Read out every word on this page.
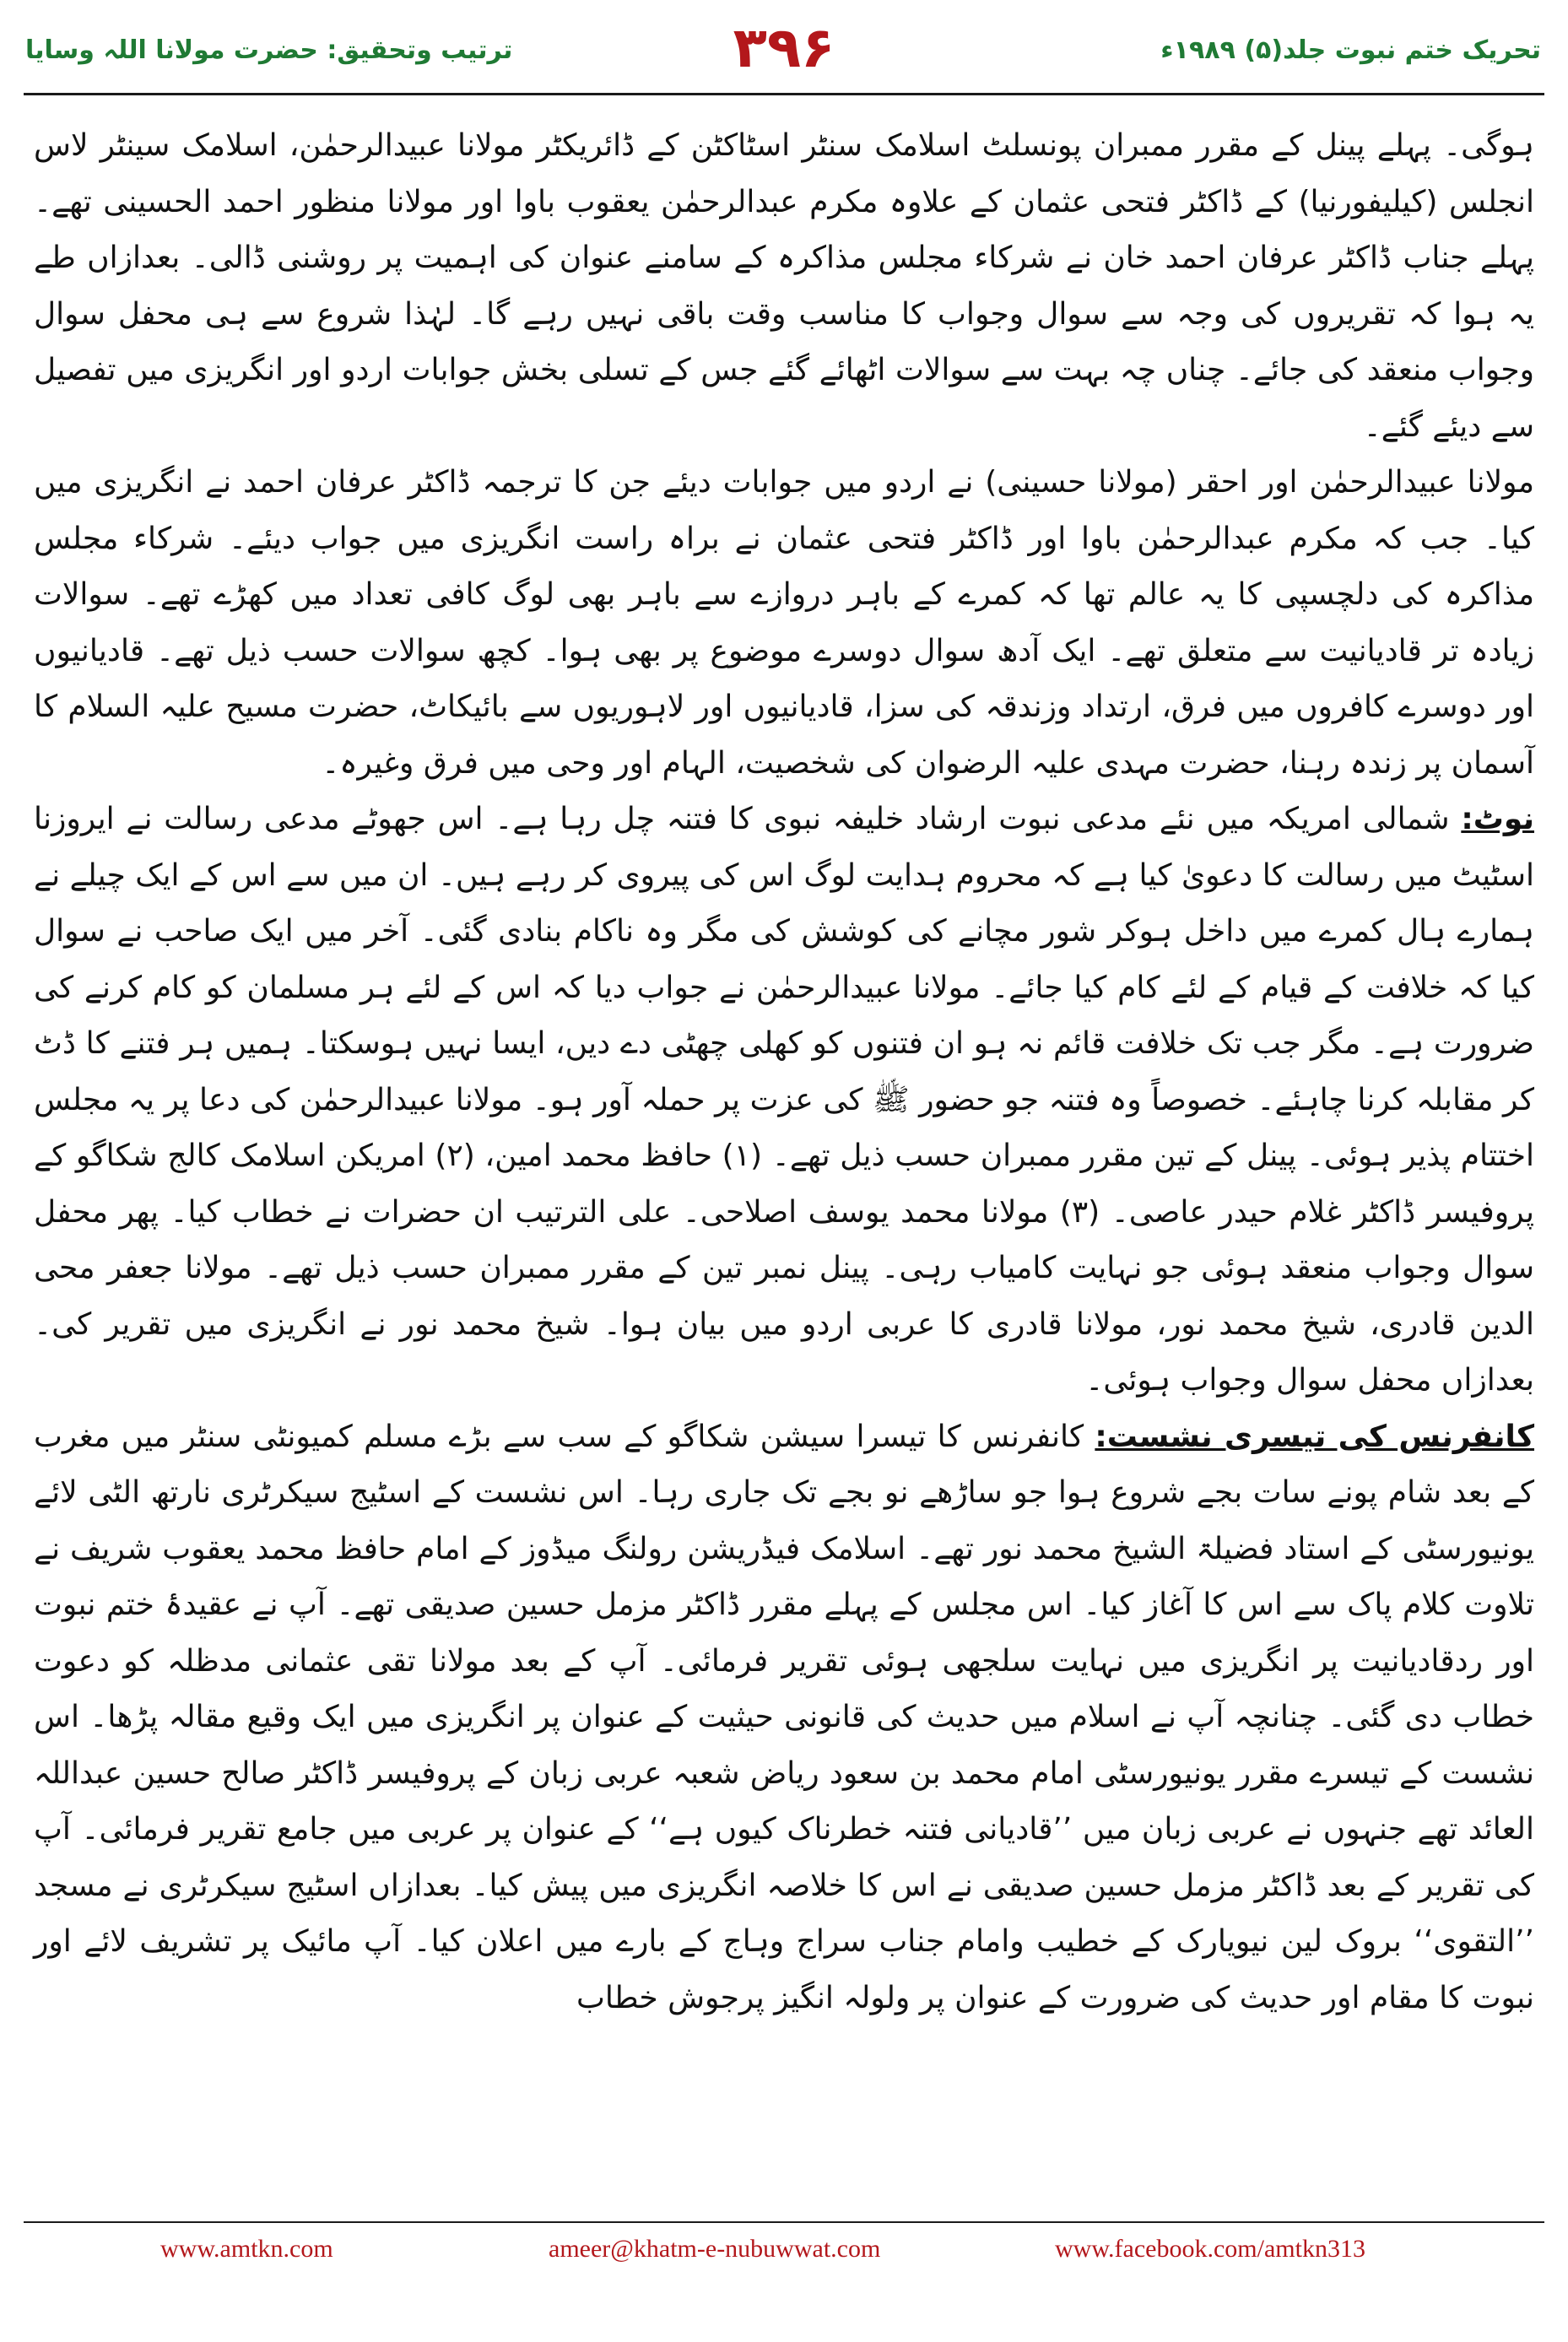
ترتیب وتحقیق: حضرت مولانا اللہ وسایا	۳۹۶	تحریک ختم نبوت جلد(۵) ۱۹۸۹ء

ہوگی۔ پہلے پینل کے مقرر ممبران پونسلٹ اسلامک سنٹر اسٹاکٹن کے ڈائریکٹر مولانا عبیدالرحمٰن، اسلامک سینٹر لاس انجلس (کیلیفورنیا) کے ڈاکٹر فتحی عثمان کے علاوہ مکرم عبدالرحمٰن یعقوب باوا اور مولانا منظور احمد الحسینی تھے۔ پہلے جناب ڈاکٹر عرفان احمد خان نے شرکاء مجلس مذاکرہ کے سامنے عنوان کی اہمیت پر روشنی ڈالی۔ بعدازاں طے یہ ہوا کہ تقریروں کی وجہ سے سوال وجواب کا مناسب وقت باقی نہیں رہے گا۔ لہٰذا شروع سے ہی محفل سوال وجواب منعقد کی جائے۔ چناں چہ بہت سے سوالات اٹھائے گئے جس کے تسلی بخش جوابات اردو اور انگریزی میں تفصیل سے دیئے گئے۔

مولانا عبیدالرحمٰن اور احقر (مولانا حسینی) نے اردو میں جوابات دیئے جن کا ترجمہ ڈاکٹر عرفان احمد نے انگریزی میں کیا۔ جب کہ مکرم عبدالرحمٰن باوا اور ڈاکٹر فتحی عثمان نے براہ راست انگریزی میں جواب دیئے۔ شرکاء مجلس مذاکرہ کی دلچسپی کا یہ عالم تھا کہ کمرے کے باہر دروازے سے باہر بھی لوگ کافی تعداد میں کھڑے تھے۔ سوالات زیادہ تر قادیانیت سے متعلق تھے۔ ایک آدھ سوال دوسرے موضوع پر بھی ہوا۔ کچھ سوالات حسب ذیل تھے۔ قادیانیوں اور دوسرے کافروں میں فرق، ارتداد وزندقہ کی سزا، قادیانیوں اور لاہوریوں سے بائیکاٹ، حضرت مسیح علیہ السلام کا آسمان پر زندہ رہنا، حضرت مہدی علیہ الرضوان کی شخصیت، الہام اور وحی میں فرق وغیرہ۔

نوٹ: شمالی امریکہ میں نئے مدعی نبوت ارشاد خلیفہ نبوی کا فتنہ چل رہا ہے۔ اس جھوٹے مدعی رسالت نے ایروزنا اسٹیٹ میں رسالت کا دعویٰ کیا ہے کہ محروم ہدایت لوگ اس کی پیروی کر رہے ہیں۔ ان میں سے اس کے ایک چیلے نے ہمارے ہال کمرے میں داخل ہوکر شور مچانے کی کوشش کی مگر وہ ناکام بنادی گئی۔ آخر میں ایک صاحب نے سوال کیا کہ خلافت کے قیام کے لئے کام کیا جائے۔ مولانا عبیدالرحمٰن نے جواب دیا کہ اس کے لئے ہر مسلمان کو کام کرنے کی ضرورت ہے۔ مگر جب تک خلافت قائم نہ ہو ان فتنوں کو کھلی چھٹی دے دیں، ایسا نہیں ہوسکتا۔ ہمیں ہر فتنے کا ڈٹ کر مقابلہ کرنا چاہئے۔ خصوصاً وہ فتنہ جو حضور ﷺ کی عزت پر حملہ آور ہو۔ مولانا عبیدالرحمٰن کی دعا پر یہ مجلس اختتام پذیر ہوئی۔ پینل کے تین مقرر ممبران حسب ذیل تھے۔ (۱) حافظ محمد امین، (۲) امریکن اسلامک کالج شکاگو کے پروفیسر ڈاکٹر غلام حیدر عاصی۔ (۳) مولانا محمد یوسف اصلاحی۔ علی الترتیب ان حضرات نے خطاب کیا۔ پھر محفل سوال وجواب منعقد ہوئی جو نہایت کامیاب رہی۔ پینل نمبر تین کے مقرر ممبران حسب ذیل تھے۔ مولانا جعفر محی الدین قادری، شیخ محمد نور، مولانا قادری کا عربی اردو میں بیان ہوا۔ شیخ محمد نور نے انگریزی میں تقریر کی۔ بعدازاں محفل سوال وجواب ہوئی۔

کانفرنس کی تیسری نشست: کانفرنس کا تیسرا سیشن شکاگو کے سب سے بڑے مسلم کمیونٹی سنٹر میں مغرب کے بعد شام پونے سات بجے شروع ہوا جو ساڑھے نو بجے تک جاری رہا۔ اس نشست کے اسٹیج سیکرٹری نارتھ الٹی لائے یونیورسٹی کے استاد فضیلۃ الشیخ محمد نور تھے۔ اسلامک فیڈریشن رولنگ میڈوز کے امام حافظ محمد یعقوب شریف نے تلاوت کلام پاک سے اس کا آغاز کیا۔ اس مجلس کے پہلے مقرر ڈاکٹر مزمل حسین صدیقی تھے۔ آپ نے عقیدۂ ختم نبوت اور ردقادیانیت پر انگریزی میں نہایت سلجھی ہوئی تقریر فرمائی۔ آپ کے بعد مولانا تقی عثمانی مدظلہ کو دعوت خطاب دی گئی۔ چنانچہ آپ نے اسلام میں حدیث کی قانونی حیثیت کے عنوان پر انگریزی میں ایک وقیع مقالہ پڑھا۔ اس نشست کے تیسرے مقرر یونیورسٹی امام محمد بن سعود ریاض شعبہ عربی زبان کے پروفیسر ڈاکٹر صالح حسین عبداللہ العائد تھے جنہوں نے عربی زبان میں ’’قادیانی فتنہ خطرناک کیوں ہے‘‘ کے عنوان پر عربی میں جامع تقریر فرمائی۔ آپ کی تقریر کے بعد ڈاکٹر مزمل حسین صدیقی نے اس کا خلاصہ انگریزی میں پیش کیا۔ بعدازاں اسٹیج سیکرٹری نے مسجد ’’التقوی‘‘ بروک لین نیویارک کے خطیب وامام جناب سراج وہاج کے بارے میں اعلان کیا۔ آپ مائیک پر تشریف لائے اور نبوت کا مقام اور حدیث کی ضرورت کے عنوان پر ولولہ انگیز پرجوش خطاب

www.amtkn.com	ameer@khatm-e-nubuwwat.com	www.facebook.com/amtkn313
